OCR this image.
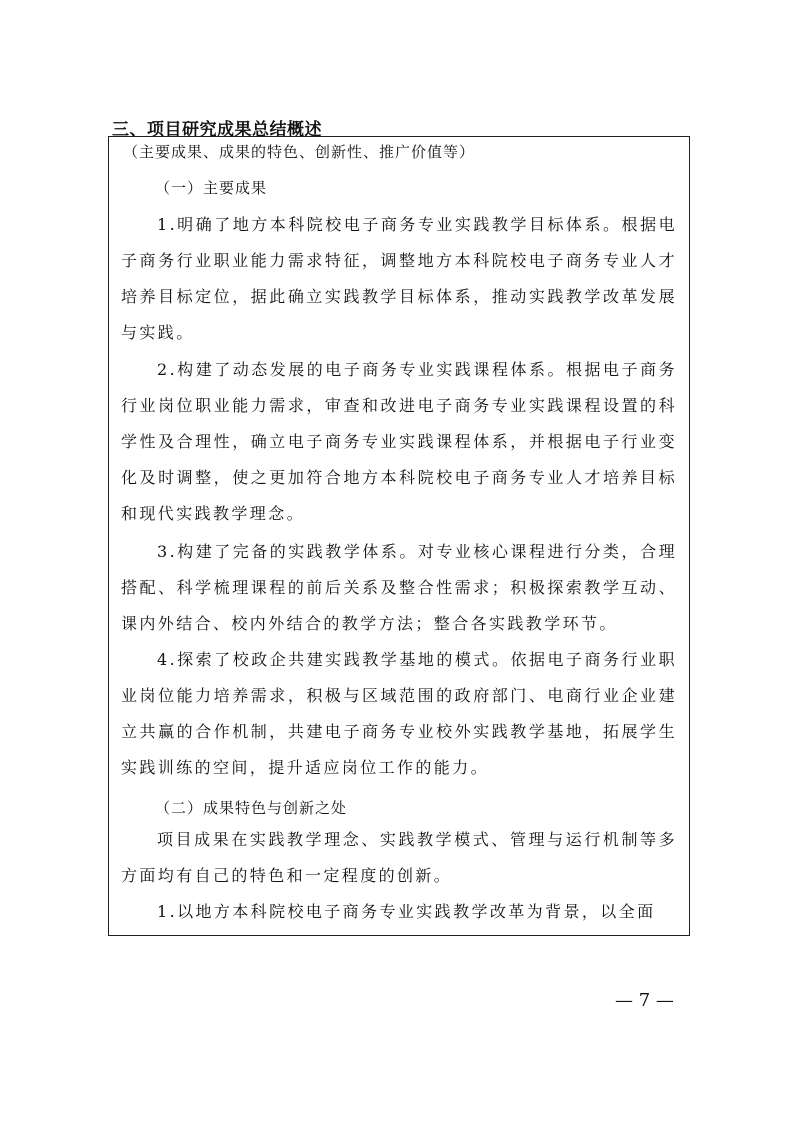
三、项目研究成果总结概述
（主要成果、成果的特色、创新性、推广价值等）
（一）主要成果

1.明确了地方本科院校电子商务专业实践教学目标体系。根据电子商务行业职业能力需求特征，调整地方本科院校电子商务专业人才培养目标定位，据此确立实践教学目标体系，推动实践教学改革发展与实践。

2.构建了动态发展的电子商务专业实践课程体系。根据电子商务行业岗位职业能力需求，审查和改进电子商务专业实践课程设置的科学性及合理性，确立电子商务专业实践课程体系，并根据电子行业变化及时调整，使之更加符合地方本科院校电子商务专业人才培养目标和现代实践教学理念。

3.构建了完备的实践教学体系。对专业核心课程进行分类，合理搭配、科学梳理课程的前后关系及整合性需求；积极探索教学互动、课内外结合、校内外结合的教学方法；整合各实践教学环节。

4.探索了校政企共建实践教学基地的模式。依据电子商务行业职业岗位能力培养需求，积极与区域范围的政府部门、电商行业企业建立共赢的合作机制，共建电子商务专业校外实践教学基地，拓展学生实践训练的空间，提升适应岗位工作的能力。

（二）成果特色与创新之处

项目成果在实践教学理念、实践教学模式、管理与运行机制等多方面均有自己的特色和一定程度的创新。

1.以地方本科院校电子商务专业实践教学改革为背景，以全面

— 7 —
